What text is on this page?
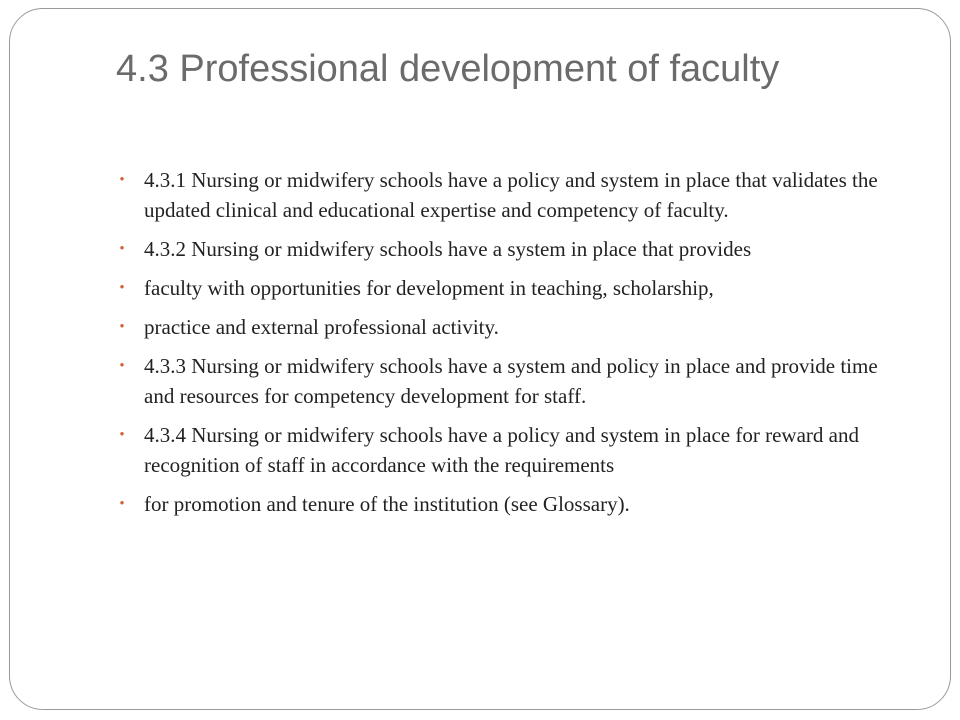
4.3 Professional development of faculty
• 4.3.1 Nursing or midwifery schools have a policy and system in place that validates the updated clinical and educational expertise and competency of faculty.
• 4.3.2 Nursing or midwifery schools have a system in place that provides
• faculty with opportunities for development in teaching, scholarship,
• practice and external professional activity.
• 4.3.3 Nursing or midwifery schools have a system and policy in place and provide time and resources for competency development for staff.
• 4.3.4 Nursing or midwifery schools have a policy and system in place for reward and recognition of staff in accordance with the requirements
• for promotion and tenure of the institution (see Glossary).
